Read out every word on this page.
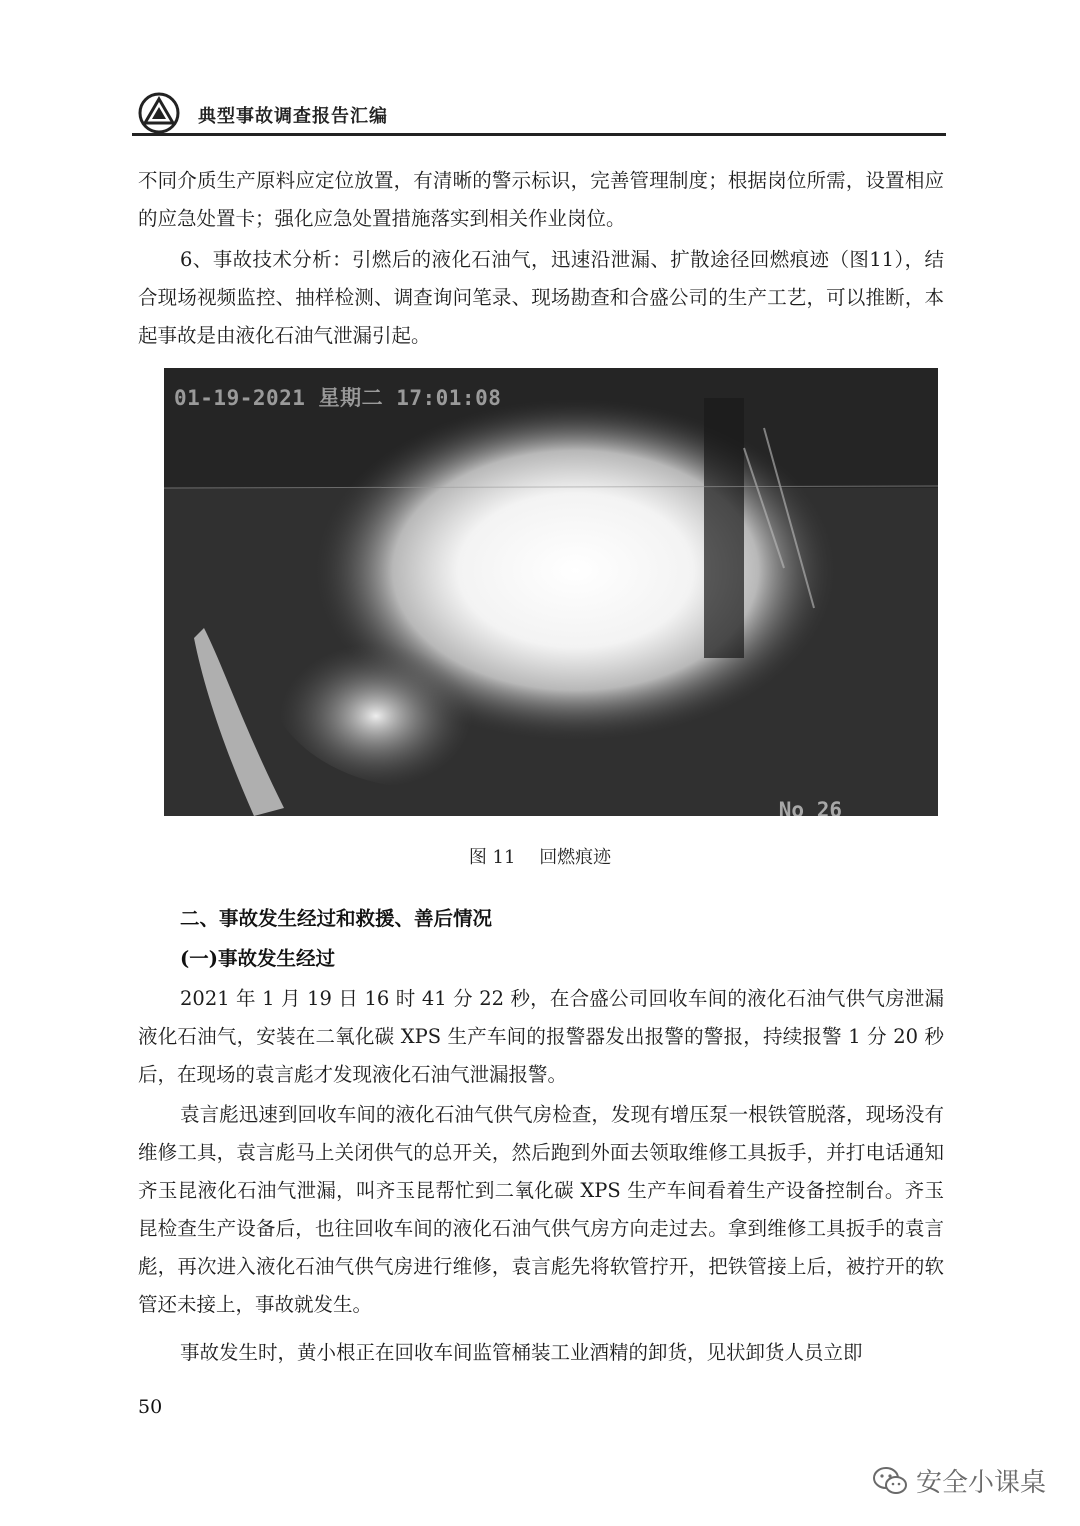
典型事故调查报告汇编

不同介质生产原料应定位放置，有清晰的警示标识，完善管理制度；根据岗位所需，设置相应的应急处置卡；强化应急处置措施落实到相关作业岗位。

6、事故技术分析：引燃后的液化石油气，迅速沿泄漏、扩散途径回燃痕迹（图11），结合现场视频监控、抽样检测、调查询问笔录、现场勘查和合盛公司的生产工艺，可以推断，本起事故是由液化石油气泄漏引起。

01-19-2021 星期二 17:01:08
No 26
图 11 回燃痕迹
二、事故发生经过和救援、善后情况
(一)事故发生经过

2021 年 1 月 19 日 16 时 41 分 22 秒，在合盛公司回收车间的液化石油气供气房泄漏液化石油气，安装在二氧化碳 XPS 生产车间的报警器发出报警的警报，持续报警 1 分 20 秒后，在现场的袁言彪才发现液化石油气泄漏报警。

袁言彪迅速到回收车间的液化石油气供气房检查，发现有增压泵一根铁管脱落，现场没有维修工具，袁言彪马上关闭供气的总开关，然后跑到外面去领取维修工具扳手，并打电话通知齐玉昆液化石油气泄漏，叫齐玉昆帮忙到二氧化碳 XPS 生产车间看着生产设备控制台。齐玉昆检查生产设备后，也往回收车间的液化石油气供气房方向走过去。拿到维修工具扳手的袁言彪，再次进入液化石油气供气房进行维修，袁言彪先将软管拧开，把铁管接上后，被拧开的软管还未接上，事故就发生。

事故发生时，黄小根正在回收车间监管桶装工业酒精的卸货，见状卸货人员立即

50
安全小课桌
